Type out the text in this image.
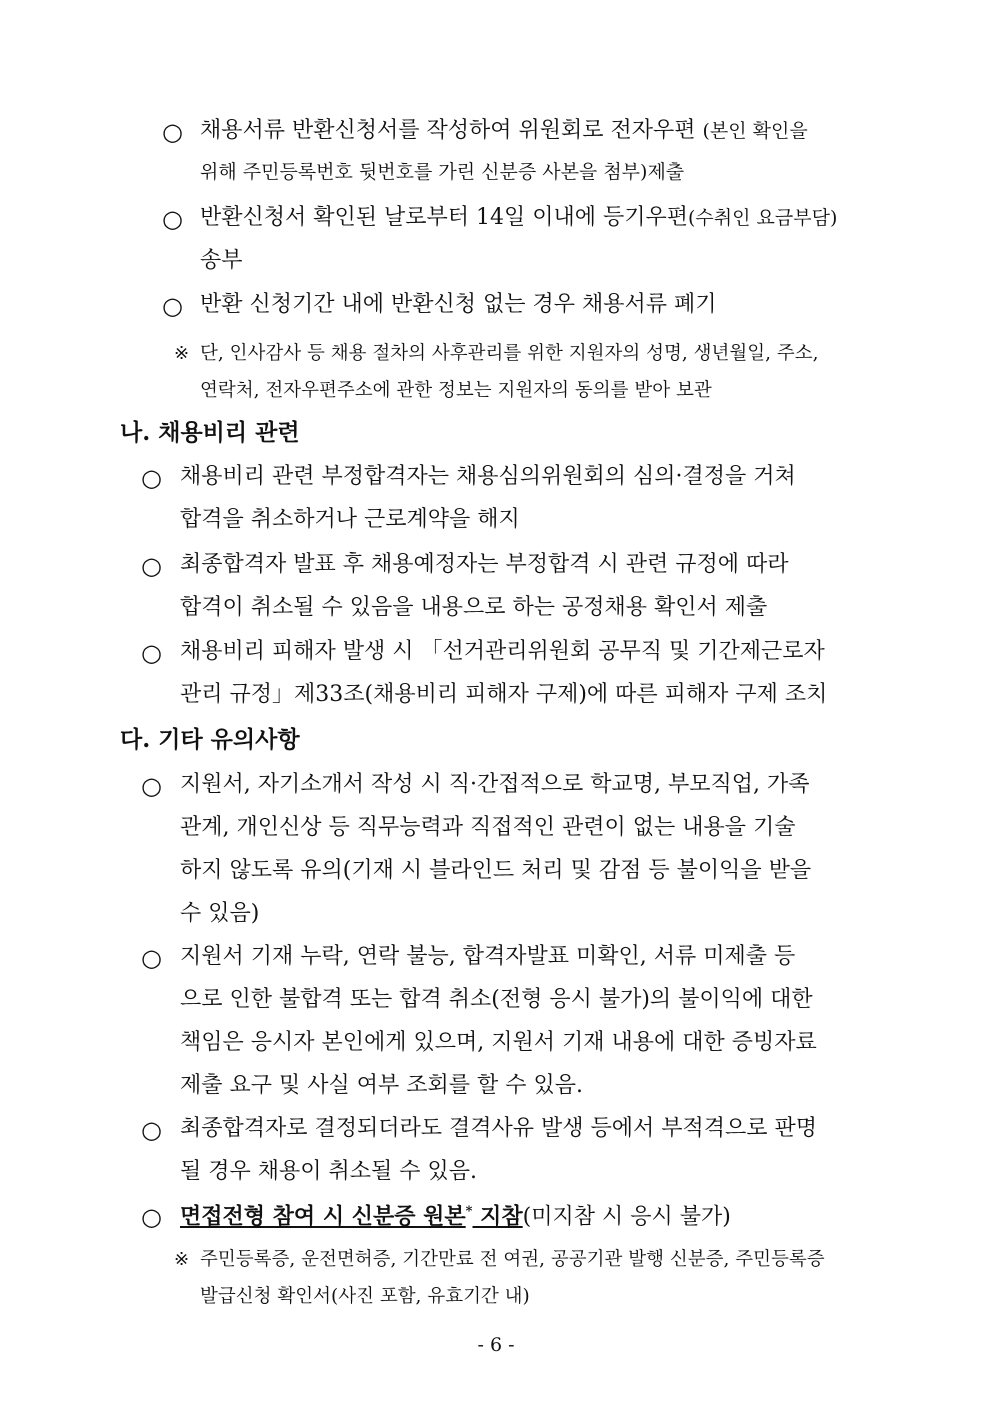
○ 채용서류 반환신청서를 작성하여 위원회로 전자우편 (본인 확인을
위해 주민등록번호 뒷번호를 가린 신분증 사본을 첨부)제출
○ 반환신청서 확인된 날로부터 14일 이내에 등기우편(수취인 요금부담)
송부
○ 반환 신청기간 내에 반환신청 없는 경우 채용서류 폐기
※ 단, 인사감사 등 채용 절차의 사후관리를 위한 지원자의 성명, 생년월일, 주소,
연락처, 전자우편주소에 관한 정보는 지원자의 동의를 받아 보관
나. 채용비리 관련
○ 채용비리 관련 부정합격자는 채용심의위원회의 심의·결정을 거쳐
합격을 취소하거나 근로계약을 해지
○ 최종합격자 발표 후 채용예정자는 부정합격 시 관련 규정에 따라
합격이 취소될 수 있음을 내용으로 하는 공정채용 확인서 제출
○ 채용비리 피해자 발생 시 「선거관리위원회 공무직 및 기간제근로자
관리 규정」제33조(채용비리 피해자 구제)에 따른 피해자 구제 조치
다. 기타 유의사항
○ 지원서, 자기소개서 작성 시 직·간접적으로 학교명, 부모직업, 가족
관계, 개인신상 등 직무능력과 직접적인 관련이 없는 내용을 기술
하지 않도록 유의(기재 시 블라인드 처리 및 감점 등 불이익을 받을
수 있음)
○ 지원서 기재 누락, 연락 불능, 합격자발표 미확인, 서류 미제출 등
으로 인한 불합격 또는 합격 취소(전형 응시 불가)의 불이익에 대한
책임은 응시자 본인에게 있으며, 지원서 기재 내용에 대한 증빙자료
제출 요구 및 사실 여부 조회를 할 수 있음.
○ 최종합격자로 결정되더라도 결격사유 발생 등에서 부적격으로 판명
될 경우 채용이 취소될 수 있음.
○ 면접전형 참여 시 신분증 원본* 지참(미지참 시 응시 불가)
※ 주민등록증, 운전면허증, 기간만료 전 여권, 공공기관 발행 신분증, 주민등록증
발급신청 확인서(사진 포함, 유효기간 내)
- 6 -
